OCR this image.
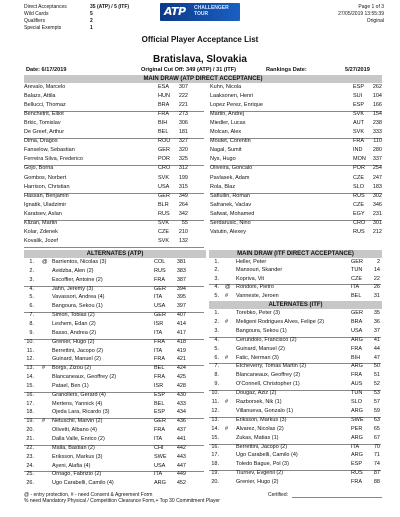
Direct Acceptances	35 (ATP) / 5 (ITF)
Wild Cards	5
Qualifiers	2
Special Exempts	1
ATP CHALLENGER
TOUR
Page 1 of 3
27/05/2019 13:55:39
Original
Official Player Acceptance List
Bratislava, Slovakia
Date: 6/17/2019	Original Cut Off: 349 (ATP) / 31 (ITF)	Rankings Date:	5/27/2019
MAIN DRAW (ATP DIRECT ACCEPTANCE)
Arevalo, Marcelo	ESA	307
Balazs, Attila	HUN	222
Bellucci, Thomaz	BRA	221
Benchetrit, Elliot	FRA	273
Brkic, Tomislav	BIH	306
De Greef, Arthur	BEL	181
Dima, Dragos	ROU	327
Fanselow, Sebastian	GER	320
Ferreira Silva, Frederico	POR	325
Gojo, Borna	CRO	312
Gombos, Norbert	SVK	199
Harrison, Christian	USA	315
Hassan, Benjamin	GER	349
Ignatik, Uladzimir	BLR	264
Karatsev, Aslan	RUS	342
Klizan, Martin	SVK	55
Kolar, Zdenek	CZE	210
Kovalik, Jozef	SVK	132
Kuhn, Nicola	ESP	262
Laaksonen, Henri	SUI	104
Lopez Perez, Enrique	ESP	166
Martin, Andrej	SVK	154
Miedler, Lucas	AUT	238
Molcan, Alex	SVK	333
Moutet, Corentin	FRA	110
Nagal, Sumit	IND	280
Nys, Hugo	MON	337
Oliveira, Goncalo	POR	254
Pavlasek, Adam	CZE	247
Rola, Blaz	SLO	183
Safiullin, Roman	RUS	302
Safranek, Vaclav	CZE	346
Safwat, Mohamed	EGY	231
Serdarusic, Nino	CRO	301
Vatutin, Alexey	RUS	212
ALTERNATES (ATP)
1. @ Barrientos, Nicolas (3)	COL	381
2.	Avidzba, Alen (2)	RUS	383
3.	Escoffier, Antoine (2)	FRA	387
4.	Jahn, Jeremy (3)	GER	394
5.	Vavassori, Andrea (4)	ITA	395
6.	Bangoura, Sekou (1)	USA	397
7.	Simon, Tobias (2)	GER	407
8.	Leshem, Edan (2)	ISR	414
9.	Basso, Andrea (2)	ITA	417
10.	Grenier, Hugo (2)	FRA	418
11.	Berrettini, Jacopo (2)	ITA	419
12.	Guinard, Manuel (2)	FRA	421
13. # Borgs, Zizou (2)	BEL	424
14.	Blancaneaux, Geoffrey (2)	FRA	425
15.	Patael, Ben (1)	ISR	428
16.	Granollers, Gerard (4)	ESP	430
17.	Mertens, Yannick (4)	BEL	433
18.	Ojeda Lara, Ricardo (3)	ESP	434
19. # Netuschil, Marvin (2)	GER	436
20.	Olivetti, Albano (4)	FRA	437
21.	Dalla Valle, Enrico (2)	ITA	441
22.	Malla, Bastian (2)	CHI	442
23.	Eriksson, Markus (3)	SWE	443
24.	Ayeni, Alafia (4)	USA	447
25.	Ornago, Fabrizio (2)	ITA	449
26.	Ugo Carabelli, Camilo (4)	ARG	452
MAIN DRAW (ITF DIRECT ACCEPTANCE)
1.	Heller, Peter	GER	2
2.	Mansouri, Skander	TUN	14
3.	Kopriva, Vit	CZE	22
4. @ Rondoni, Pietro	ITA	26
5. # Vanneste, Jeroen	BEL	31
ALTERNATES (ITF)
1.	Torebko, Peter (3)	GER	35
2. # Meligeni Rodrigues Alves, Felipe (2)	BRA	36
3.	Bangoura, Sekou (1)	USA	37
4.	Cerundolo, Francisco (2)	ARG	41
5.	Guinard, Manuel (2)	FRA	44
6. # Fatic, Nerman (3)	BIH	47
7.	Etcheverry, Tomas Martin (2)	ARG	50
8.	Blancaneaux, Geoffrey (2)	FRA	51
9.	O'Connell, Christopher (1)	AUS	52
10.	Dougaz, Aziz (2)	TUN	53
11. # Razborsek, Nik (1)	SLO	57
12.	Villanueva, Gonzalo (1)	ARG	59
13.	Eriksson, Markus (3)	SWE	63
14. # Alvarez, Nicolas (2)	PER	65
15.	Zukas, Matias (1)	ARG	67
16.	Berrettini, Jacopo (2)	ITA	70
17.	Ugo Carabelli, Camilo (4)	ARG	71
18.	Toledo Bague, Pol (3)	ESP	74
19.	Tiurnev, Evgenii (2)	RUS	87
20.	Grenier, Hugo (2)	FRA	88
@ - entry protection, # - need Consent & Agreement Form	Certified:
% need Mandatory Physical / Competition Clearance Form,+ Top 30 Commitment Player
